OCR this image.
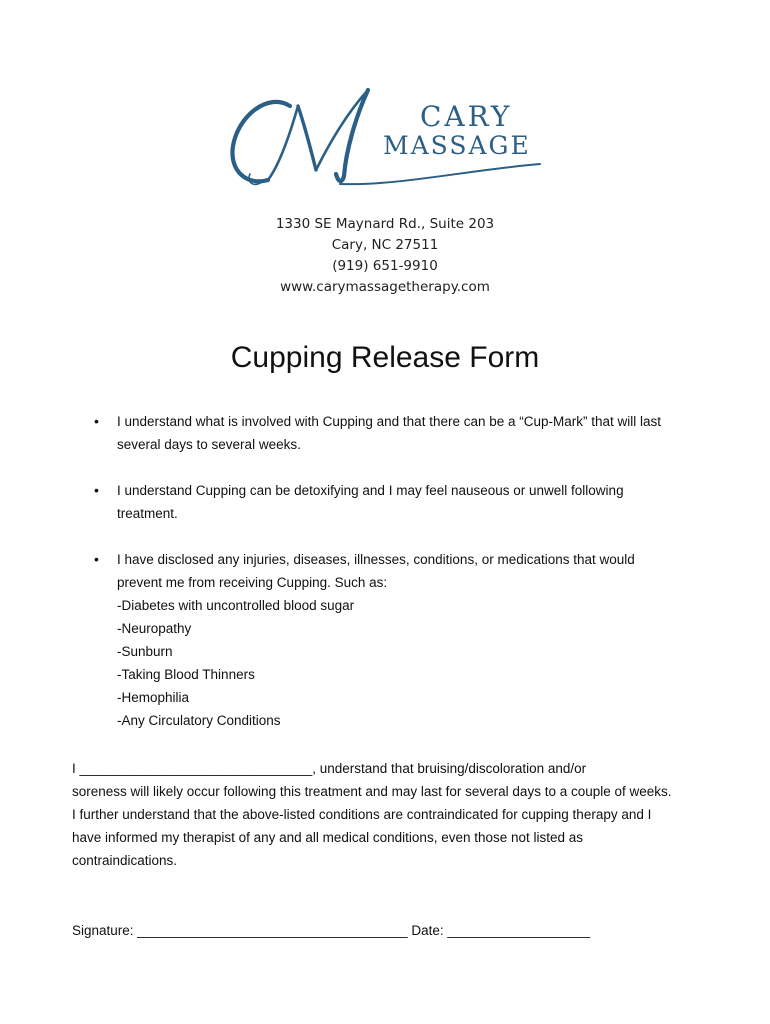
CARY
MASSAGE
1330 SE Maynard Rd., Suite 203
Cary, NC 27511
(919) 651-9910
www.carymassagetherapy.com
Cupping Release Form
•	I understand what is involved with Cupping and that there can be a “Cup-Mark” that will last
several days to several weeks.
•	I understand Cupping can be detoxifying and I may feel nauseous or unwell following
treatment.
•	I have disclosed any injuries, diseases, illnesses, conditions, or medications that would
prevent me from receiving Cupping. Such as:
-Diabetes with uncontrolled blood sugar
-Neuropathy
-Sunburn
-Taking Blood Thinners
-Hemophilia
-Any Circulatory Conditions
I _______________________________, understand that bruising/discoloration and/or
soreness will likely occur following this treatment and may last for several days to a couple of weeks.
I further understand that the above-listed conditions are contraindicated for cupping therapy and I
have informed my therapist of any and all medical conditions, even those not listed as
contraindications.
Signature: ____________________________________ Date: ___________________
